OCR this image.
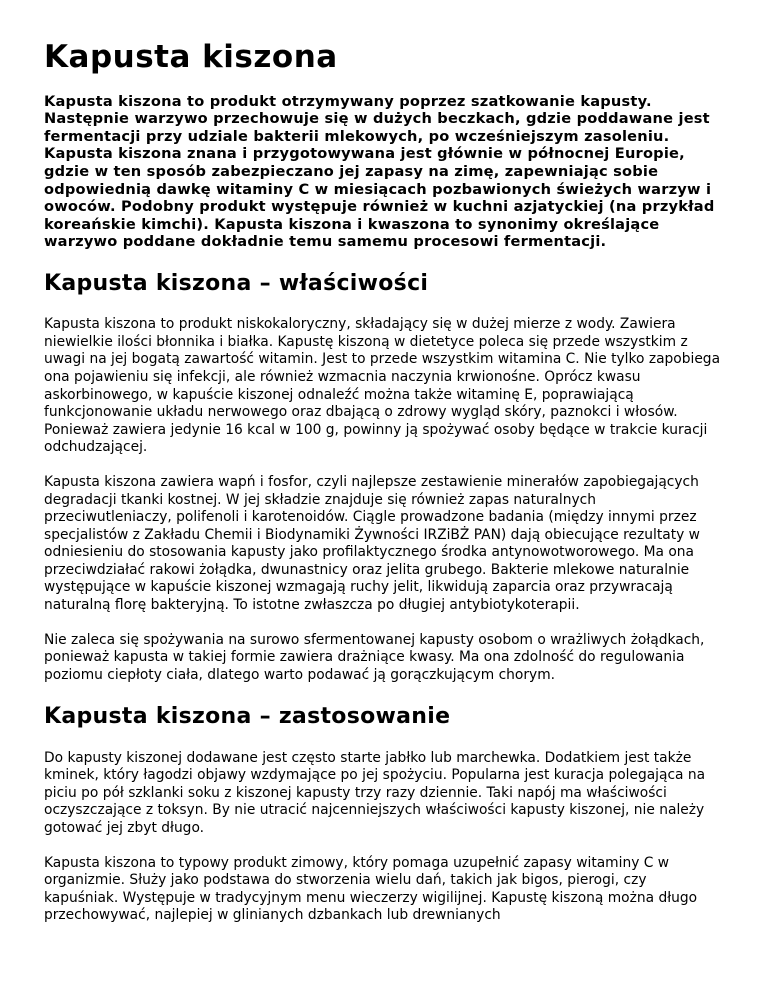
Kapusta kiszona

Kapusta kiszona to produkt otrzymywany poprzez szatkowanie kapusty. Następnie warzywo przechowuje się w dużych beczkach, gdzie poddawane jest fermentacji przy udziale bakterii mlekowych, po wcześniejszym zasoleniu. Kapusta kiszona znana i przygotowywana jest głównie w północnej Europie, gdzie w ten sposób zabezpieczano jej zapasy na zimę, zapewniając sobie odpowiednią dawkę witaminy C w miesiącach pozbawionych świeżych warzyw i owoców. Podobny produkt występuje również w kuchni azjatyckiej (na przykład koreańskie kimchi). Kapusta kiszona i kwaszona to synonimy określające warzywo poddane dokładnie temu samemu procesowi fermentacji.

Kapusta kiszona – właściwości

Kapusta kiszona to produkt niskokaloryczny, składający się w dużej mierze z wody. Zawiera niewielkie ilości błonnika i białka. Kapustę kiszoną w dietetyce poleca się przede wszystkim z uwagi na jej bogatą zawartość witamin. Jest to przede wszystkim witamina C. Nie tylko zapobiega ona pojawieniu się infekcji, ale również wzmacnia naczynia krwionośne. Oprócz kwasu askorbinowego, w kapuście kiszonej odnaleźć można także witaminę E, poprawiającą funkcjonowanie układu nerwowego oraz dbającą o zdrowy wygląd skóry, paznokci i włosów. Ponieważ zawiera jedynie 16 kcal w 100 g, powinny ją spożywać osoby będące w trakcie kuracji odchudzającej.

Kapusta kiszona zawiera wapń i fosfor, czyli najlepsze zestawienie minerałów zapobiegających degradacji tkanki kostnej. W jej składzie znajduje się również zapas naturalnych przeciwutleniaczy, polifenoli i karotenoidów. Ciągle prowadzone badania (między innymi przez specjalistów z Zakładu Chemii i Biodynamiki Żywności IRZiBŻ PAN) dają obiecujące rezultaty w odniesieniu do stosowania kapusty jako profilaktycznego środka antynowotworowego. Ma ona przeciwdziałać rakowi żołądka, dwunastnicy oraz jelita grubego. Bakterie mlekowe naturalnie występujące w kapuście kiszonej wzmagają ruchy jelit, likwidują zaparcia oraz przywracają naturalną florę bakteryjną. To istotne zwłaszcza po długiej antybiotykoterapii.

Nie zaleca się spożywania na surowo sfermentowanej kapusty osobom o wrażliwych żołądkach, ponieważ kapusta w takiej formie zawiera drażniące kwasy. Ma ona zdolność do regulowania poziomu ciepłoty ciała, dlatego warto podawać ją gorączkującym chorym.

Kapusta kiszona – zastosowanie

Do kapusty kiszonej dodawane jest często starte jabłko lub marchewka. Dodatkiem jest także kminek, który łagodzi objawy wzdymające po jej spożyciu. Popularna jest kuracja polegająca na piciu po pół szklanki soku z kiszonej kapusty trzy razy dziennie. Taki napój ma właściwości oczyszczające z toksyn. By nie utracić najcenniejszych właściwości kapusty kiszonej, nie należy gotować jej zbyt długo.

Kapusta kiszona to typowy produkt zimowy, który pomaga uzupełnić zapasy witaminy C w organizmie. Służy jako podstawa do stworzenia wielu dań, takich jak bigos, pierogi, czy kapuśniak. Występuje w tradycyjnym menu wieczerzy wigilijnej. Kapustę kiszoną można długo przechowywać, najlepiej w glinianych dzbankach lub drewnianych
